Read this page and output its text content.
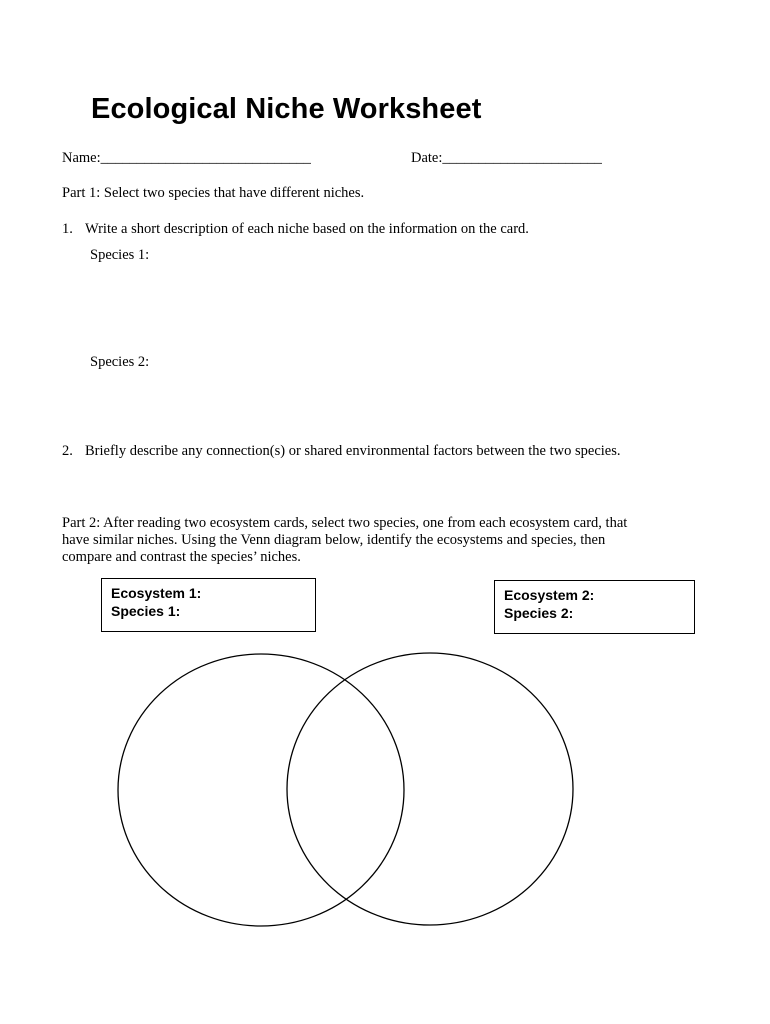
Ecological Niche Worksheet
Name:_____________________________	Date:______________________
Part 1: Select two species that have different niches.
1. Write a short description of each niche based on the information on the card.
Species 1:
Species 2:
2. Briefly describe any connection(s) or shared environmental factors between the two species.
Part 2: After reading two ecosystem cards, select two species, one from each ecosystem card, that
have similar niches. Using the Venn diagram below, identify the ecosystems and species, then
compare and contrast the species’ niches.
Ecosystem 1:
Species 1:
Ecosystem 2:
Species 2:
